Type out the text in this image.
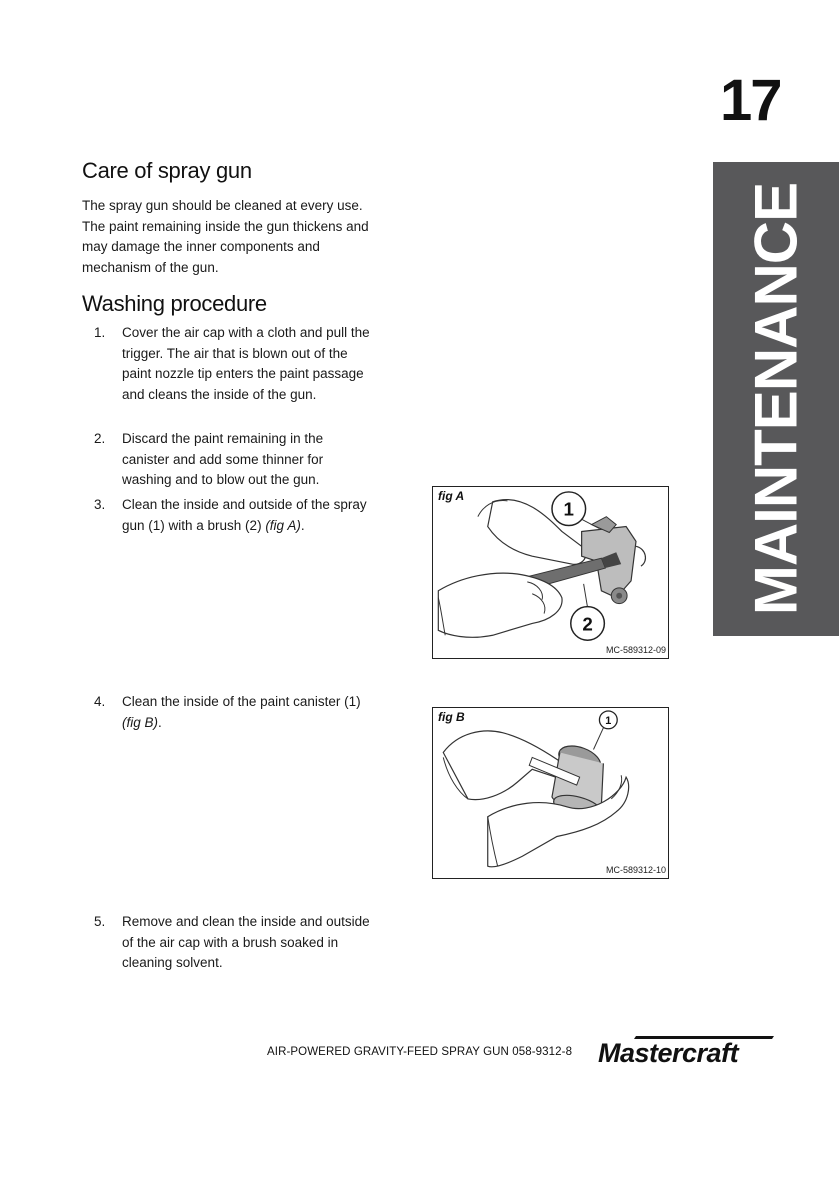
17
MAINTENANCE
Care of spray gun

The spray gun should be cleaned at every use. The paint remaining inside the gun thickens and may damage the inner components and mechanism of the gun.

Washing procedure
1. Cover the air cap with a cloth and pull the trigger. The air that is blown out of the paint nozzle tip enters the paint passage and cleans the inside of the gun.
2. Discard the paint remaining in the canister and add some thinner for washing and to blow out the gun.
3. Clean the inside and outside of the spray gun (1) with a brush (2) (fig A).
4. Clean the inside of the paint canister (1) (fig B).
5. Remove and clean the inside and outside of the air cap with a brush soaked in cleaning solvent.
1
2
fig A
MC-589312-09
1
fig B
MC-589312-10
AIR-POWERED GRAVITY-FEED SPRAY GUN 058-9312-8 Mastercraft
